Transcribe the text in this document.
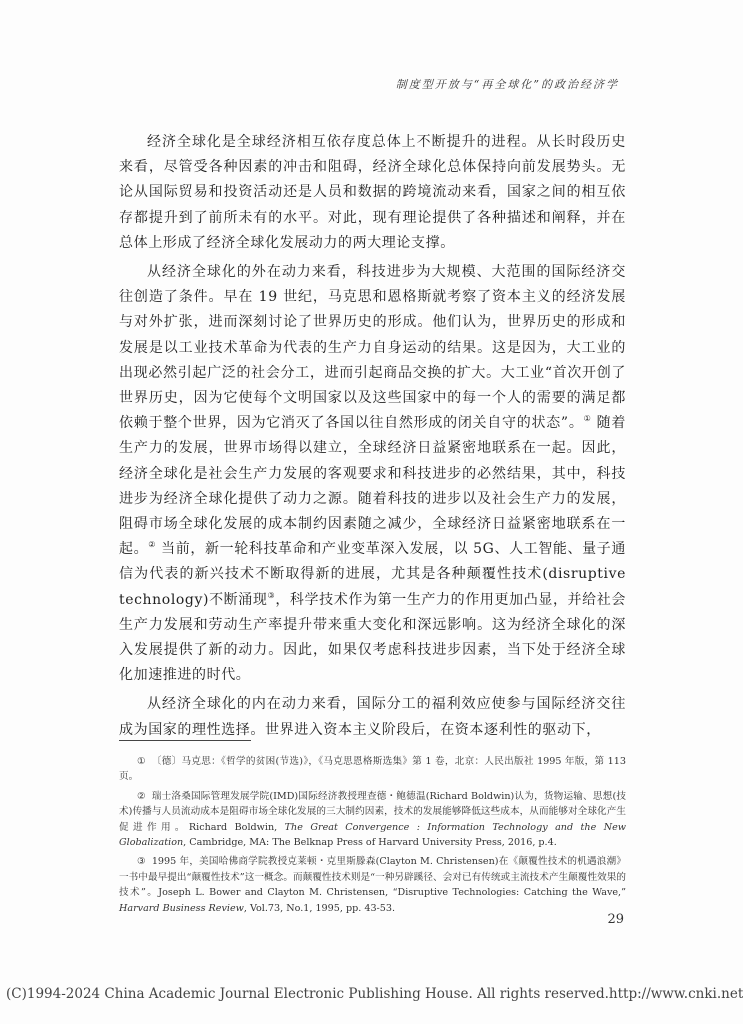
制度型开放与“再全球化”的政治经济学

经济全球化是全球经济相互依存度总体上不断提升的进程。从长时段历史来看，尽管受各种因素的冲击和阻碍，经济全球化总体保持向前发展势头。无论从国际贸易和投资活动还是人员和数据的跨境流动来看，国家之间的相互依存都提升到了前所未有的水平。对此，现有理论提供了各种描述和阐释，并在总体上形成了经济全球化发展动力的两大理论支撑。

从经济全球化的外在动力来看，科技进步为大规模、大范围的国际经济交往创造了条件。早在 19 世纪，马克思和恩格斯就考察了资本主义的经济发展与对外扩张，进而深刻讨论了世界历史的形成。他们认为，世界历史的形成和发展是以工业技术革命为代表的生产力自身运动的结果。这是因为，大工业的出现必然引起广泛的社会分工，进而引起商品交换的扩大。大工业“首次开创了世界历史，因为它使每个文明国家以及这些国家中的每一个人的需要的满足都依赖于整个世界，因为它消灭了各国以往自然形成的闭关自守的状态”。① 随着生产力的发展，世界市场得以建立，全球经济日益紧密地联系在一起。因此，经济全球化是社会生产力发展的客观要求和科技进步的必然结果，其中，科技进步为经济全球化提供了动力之源。随着科技的进步以及社会生产力的发展，阻碍市场全球化发展的成本制约因素随之减少，全球经济日益紧密地联系在一起。② 当前，新一轮科技革命和产业变革深入发展，以 5G、人工智能、量子通信为代表的新兴技术不断取得新的进展，尤其是各种颠覆性技术(disruptive technology)不断涌现③，科学技术作为第一生产力的作用更加凸显，并给社会生产力发展和劳动生产率提升带来重大变化和深远影响。这为经济全球化的深入发展提供了新的动力。因此，如果仅考虑科技进步因素，当下处于经济全球化加速推进的时代。

从经济全球化的内在动力来看，国际分工的福利效应使参与国际经济交往成为国家的理性选择。世界进入资本主义阶段后，在资本逐利性的驱动下，

① 〔德〕马克思：《哲学的贫困(节选)》，《马克思恩格斯选集》第 1 卷，北京：人民出版社 1995 年版，第 113 页。

② 瑞士洛桑国际管理发展学院(IMD)国际经济教授理查德・鲍德温(Richard Boldwin)认为，货物运输、思想(技术)传播与人员流动成本是阻碍市场全球化发展的三大制约因素，技术的发展能够降低这些成本，从而能够对全球化产生促进作用。Richard Boldwin, The Great Convergence : Information Technology and the New Globalization, Cambridge, MA: The Belknap Press of Harvard University Press, 2016, p.4.

③ 1995 年，美国哈佛商学院教授克莱顿・克里斯滕森(Clayton M. Christensen)在《颠覆性技术的机遇浪潮》一书中最早提出“颠覆性技术”这一概念。而颠覆性技术则是“一种另辟蹊径、会对已有传统或主流技术产生颠覆性效果的技术”。Joseph L. Bower and Clayton M. Christensen, “Disruptive Technologies: Catching the Wave,” Harvard Business Review, Vol.73, No.1, 1995, pp. 43-53.

29
(C)1994-2024 China Academic Journal Electronic Publishing House. All rights reserved. http://www.cnki.net
